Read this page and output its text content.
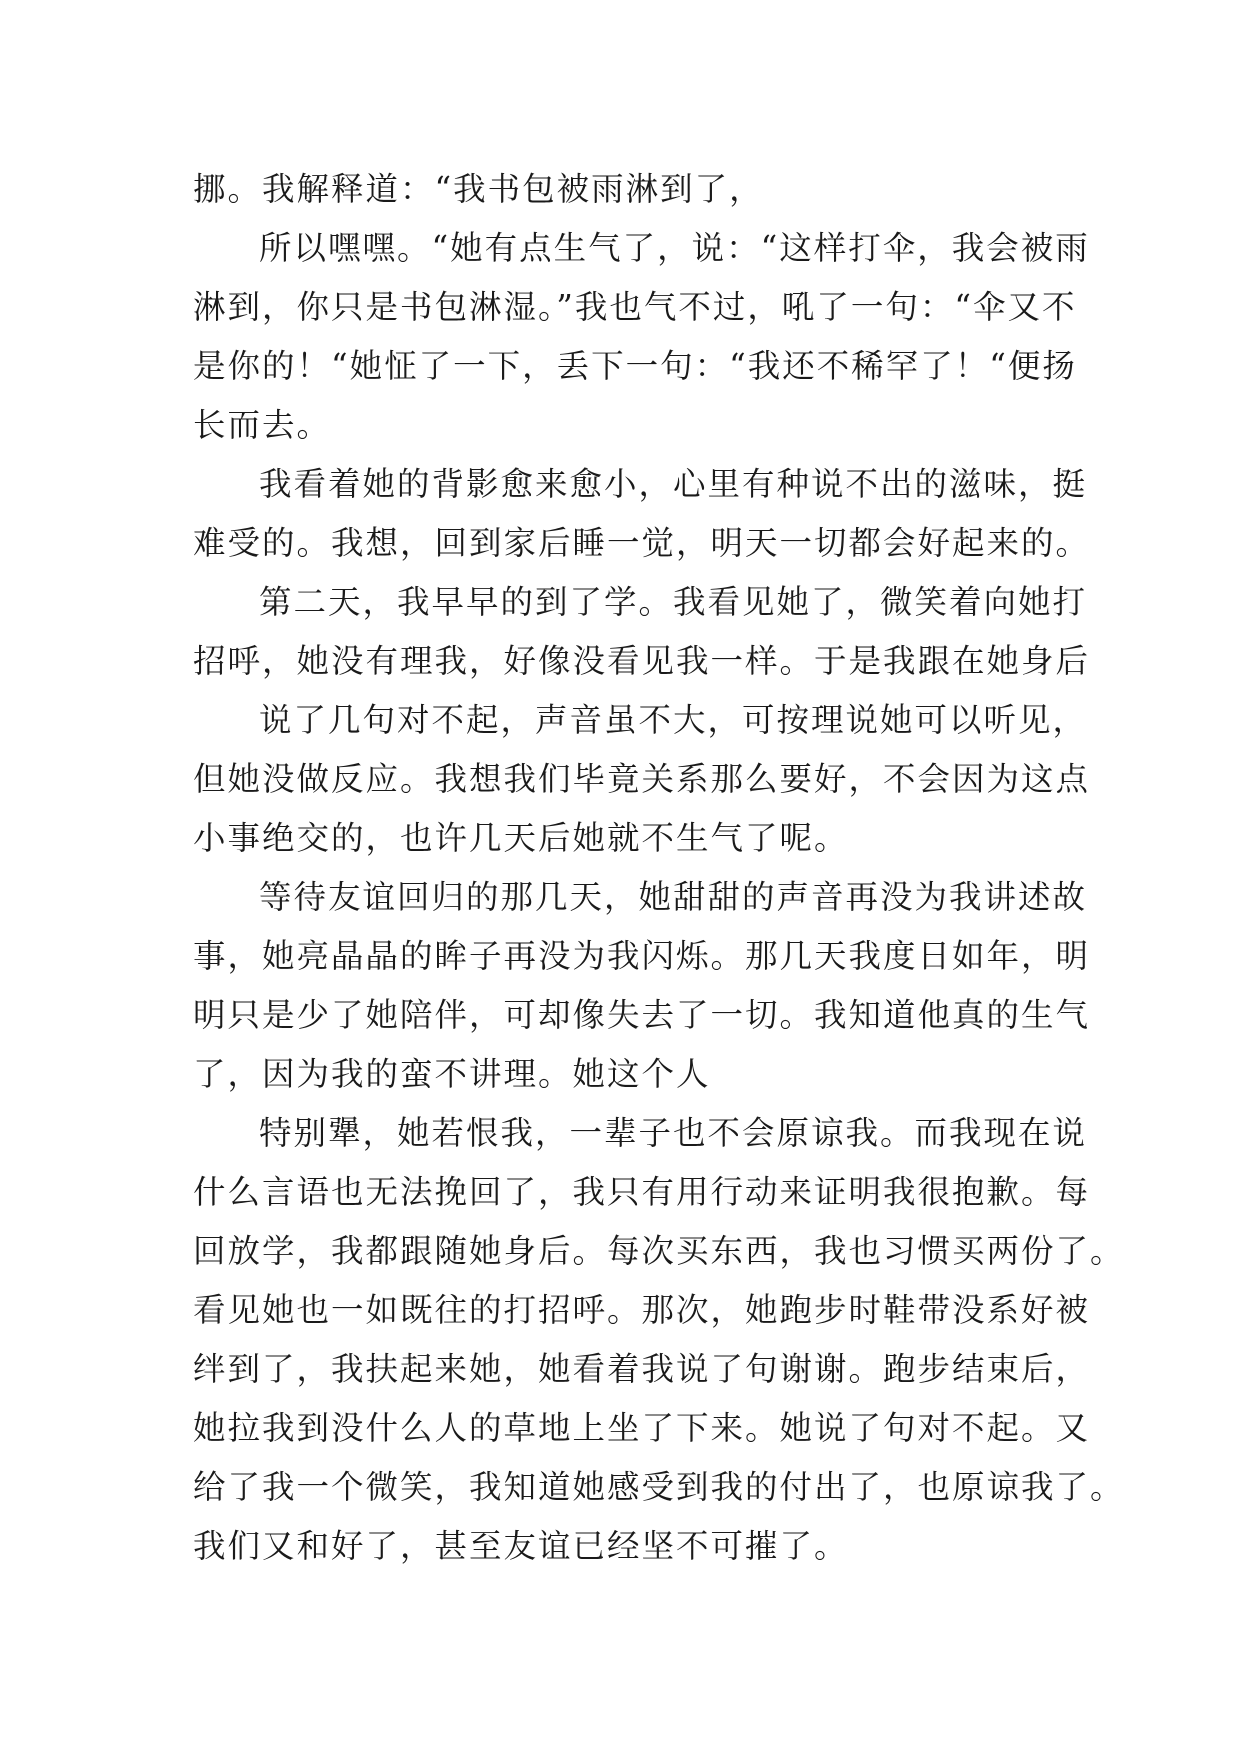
挪。我解释道：“我书包被雨淋到了，
所以嘿嘿。“她有点生气了，说：“这样打伞，我会被雨
淋到，你只是书包淋湿。”我也气不过，吼了一句：“伞又不
是你的！“她怔了一下，丢下一句：“我还不稀罕了！“便扬
长而去。
我看着她的背影愈来愈小，心里有种说不出的滋味，挺
难受的。我想，回到家后睡一觉，明天一切都会好起来的。
第二天，我早早的到了学。我看见她了，微笑着向她打
招呼，她没有理我，好像没看见我一样。于是我跟在她身后
说了几句对不起，声音虽不大，可按理说她可以听见，
但她没做反应。我想我们毕竟关系那么要好，不会因为这点
小事绝交的，也许几天后她就不生气了呢。
等待友谊回归的那几天，她甜甜的声音再没为我讲述故
事，她亮晶晶的眸子再没为我闪烁。那几天我度日如年，明
明只是少了她陪伴，可却像失去了一切。我知道他真的生气
了，因为我的蛮不讲理。她这个人
特别犟，她若恨我，一辈子也不会原谅我。而我现在说
什么言语也无法挽回了，我只有用行动来证明我很抱歉。每
回放学，我都跟随她身后。每次买东西，我也习惯买两份了。
看见她也一如既往的打招呼。那次，她跑步时鞋带没系好被
绊到了，我扶起来她，她看着我说了句谢谢。跑步结束后，
她拉我到没什么人的草地上坐了下来。她说了句对不起。又
给了我一个微笑，我知道她感受到我的付出了，也原谅我了。
我们又和好了，甚至友谊已经坚不可摧了。
